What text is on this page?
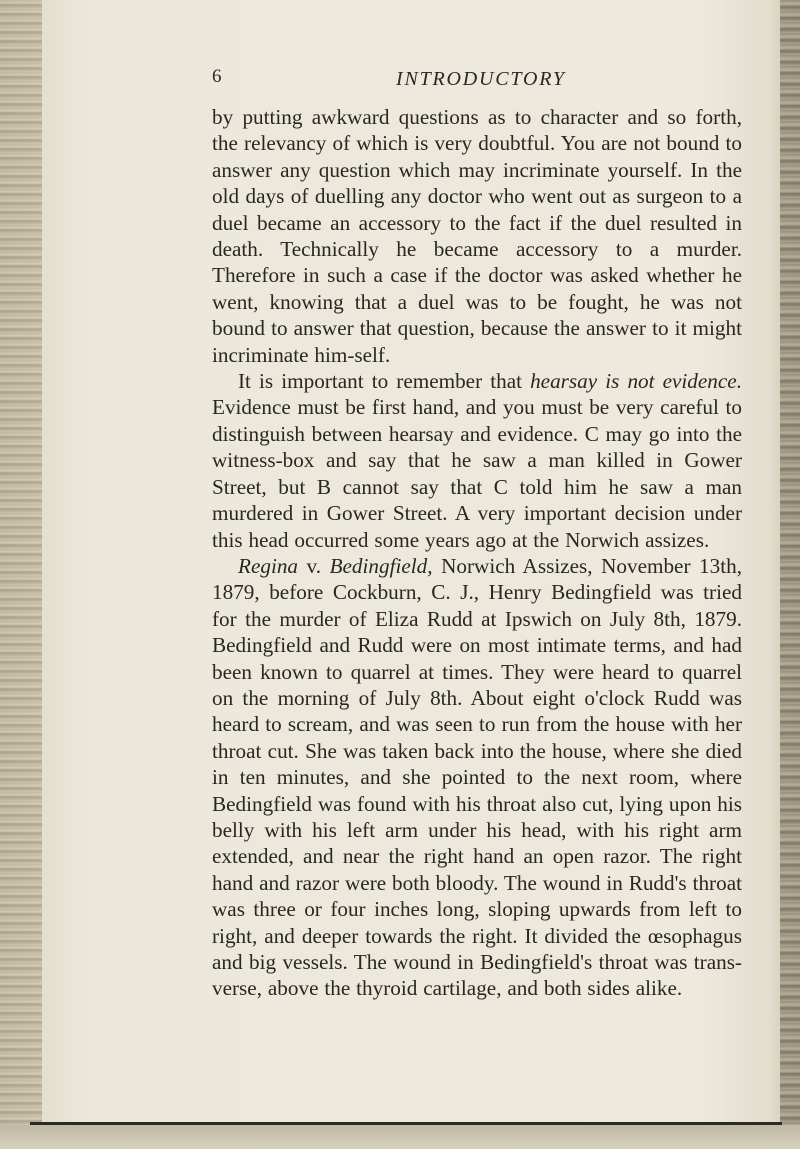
6	INTRODUCTORY

by putting awkward questions as to character and so forth, the relevancy of which is very doubtful. You are not bound to answer any question which may incriminate yourself. In the old days of duelling any doctor who went out as surgeon to a duel became an accessory to the fact if the duel resulted in death. Technically he became accessory to a murder. Therefore in such a case if the doctor was asked whether he went, knowing that a duel was to be fought, he was not bound to answer that question, because the answer to it might incriminate him-self.

It is important to remember that hearsay is not evidence. Evidence must be first hand, and you must be very careful to distinguish between hearsay and evidence. C may go into the witness-box and say that he saw a man killed in Gower Street, but B cannot say that C told him he saw a man murdered in Gower Street. A very important decision under this head occurred some years ago at the Norwich assizes.

Regina v. Bedingfield, Norwich Assizes, November 13th, 1879, before Cockburn, C. J., Henry Bedingfield was tried for the murder of Eliza Rudd at Ipswich on July 8th, 1879. Bedingfield and Rudd were on most intimate terms, and had been known to quarrel at times. They were heard to quarrel on the morning of July 8th. About eight o'clock Rudd was heard to scream, and was seen to run from the house with her throat cut. She was taken back into the house, where she died in ten minutes, and she pointed to the next room, where Bedingfield was found with his throat also cut, lying upon his belly with his left arm under his head, with his right arm extended, and near the right hand an open razor. The right hand and razor were both bloody. The wound in Rudd's throat was three or four inches long, sloping upwards from left to right, and deeper towards the right. It divided the œsophagus and big vessels. The wound in Bedingfield's throat was trans-verse, above the thyroid cartilage, and both sides alike.
